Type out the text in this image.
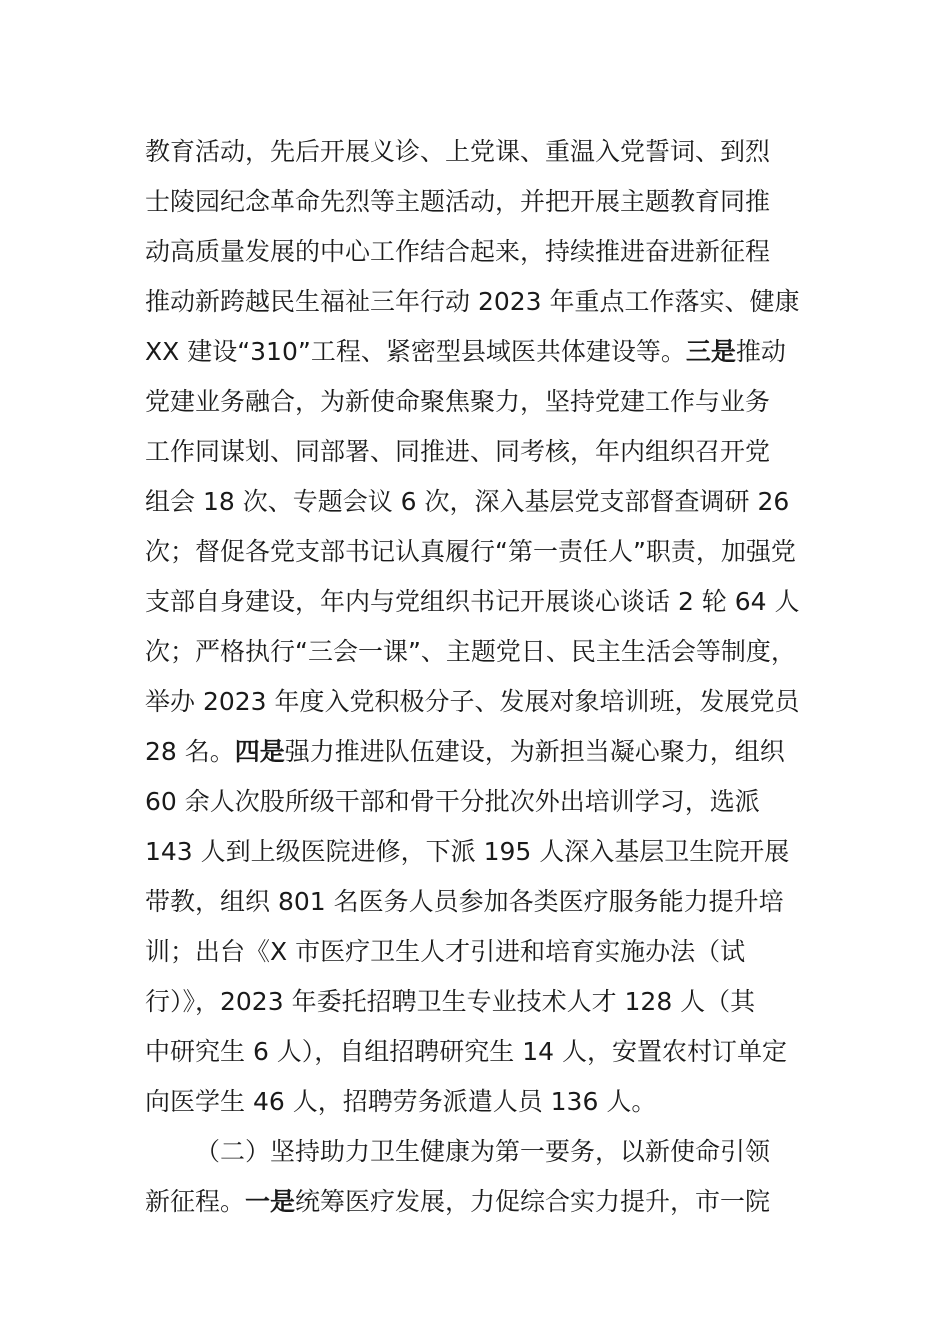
教育活动，先后开展义诊、上党课、重温入党誓词、到烈
士陵园纪念革命先烈等主题活动，并把开展主题教育同推
动高质量发展的中心工作结合起来，持续推进奋进新征程
推动新跨越民生福祉三年行动 2023 年重点工作落实、健康
XX 建设“310”工程、紧密型县域医共体建设等。三是推动
党建业务融合，为新使命聚焦聚力，坚持党建工作与业务
工作同谋划、同部署、同推进、同考核，年内组织召开党
组会 18 次、专题会议 6 次，深入基层党支部督查调研 26
次；督促各党支部书记认真履行“第一责任人”职责，加强党
支部自身建设，年内与党组织书记开展谈心谈话 2 轮 64 人
次；严格执行“三会一课”、主题党日、民主生活会等制度，
举办 2023 年度入党积极分子、发展对象培训班，发展党员
28 名。四是强力推进队伍建设，为新担当凝心聚力，组织
60 余人次股所级干部和骨干分批次外出培训学习，选派
143 人到上级医院进修，下派 195 人深入基层卫生院开展
带教，组织 801 名医务人员参加各类医疗服务能力提升培
训；出台《X 市医疗卫生人才引进和培育实施办法（试
行）》，2023 年委托招聘卫生专业技术人才 128 人（其
中研究生 6 人），自组招聘研究生 14 人，安置农村订单定
向医学生 46 人，招聘劳务派遣人员 136 人。
（二）坚持助力卫生健康为第一要务，以新使命引领
新征程。一是统筹医疗发展，力促综合实力提升，市一院
